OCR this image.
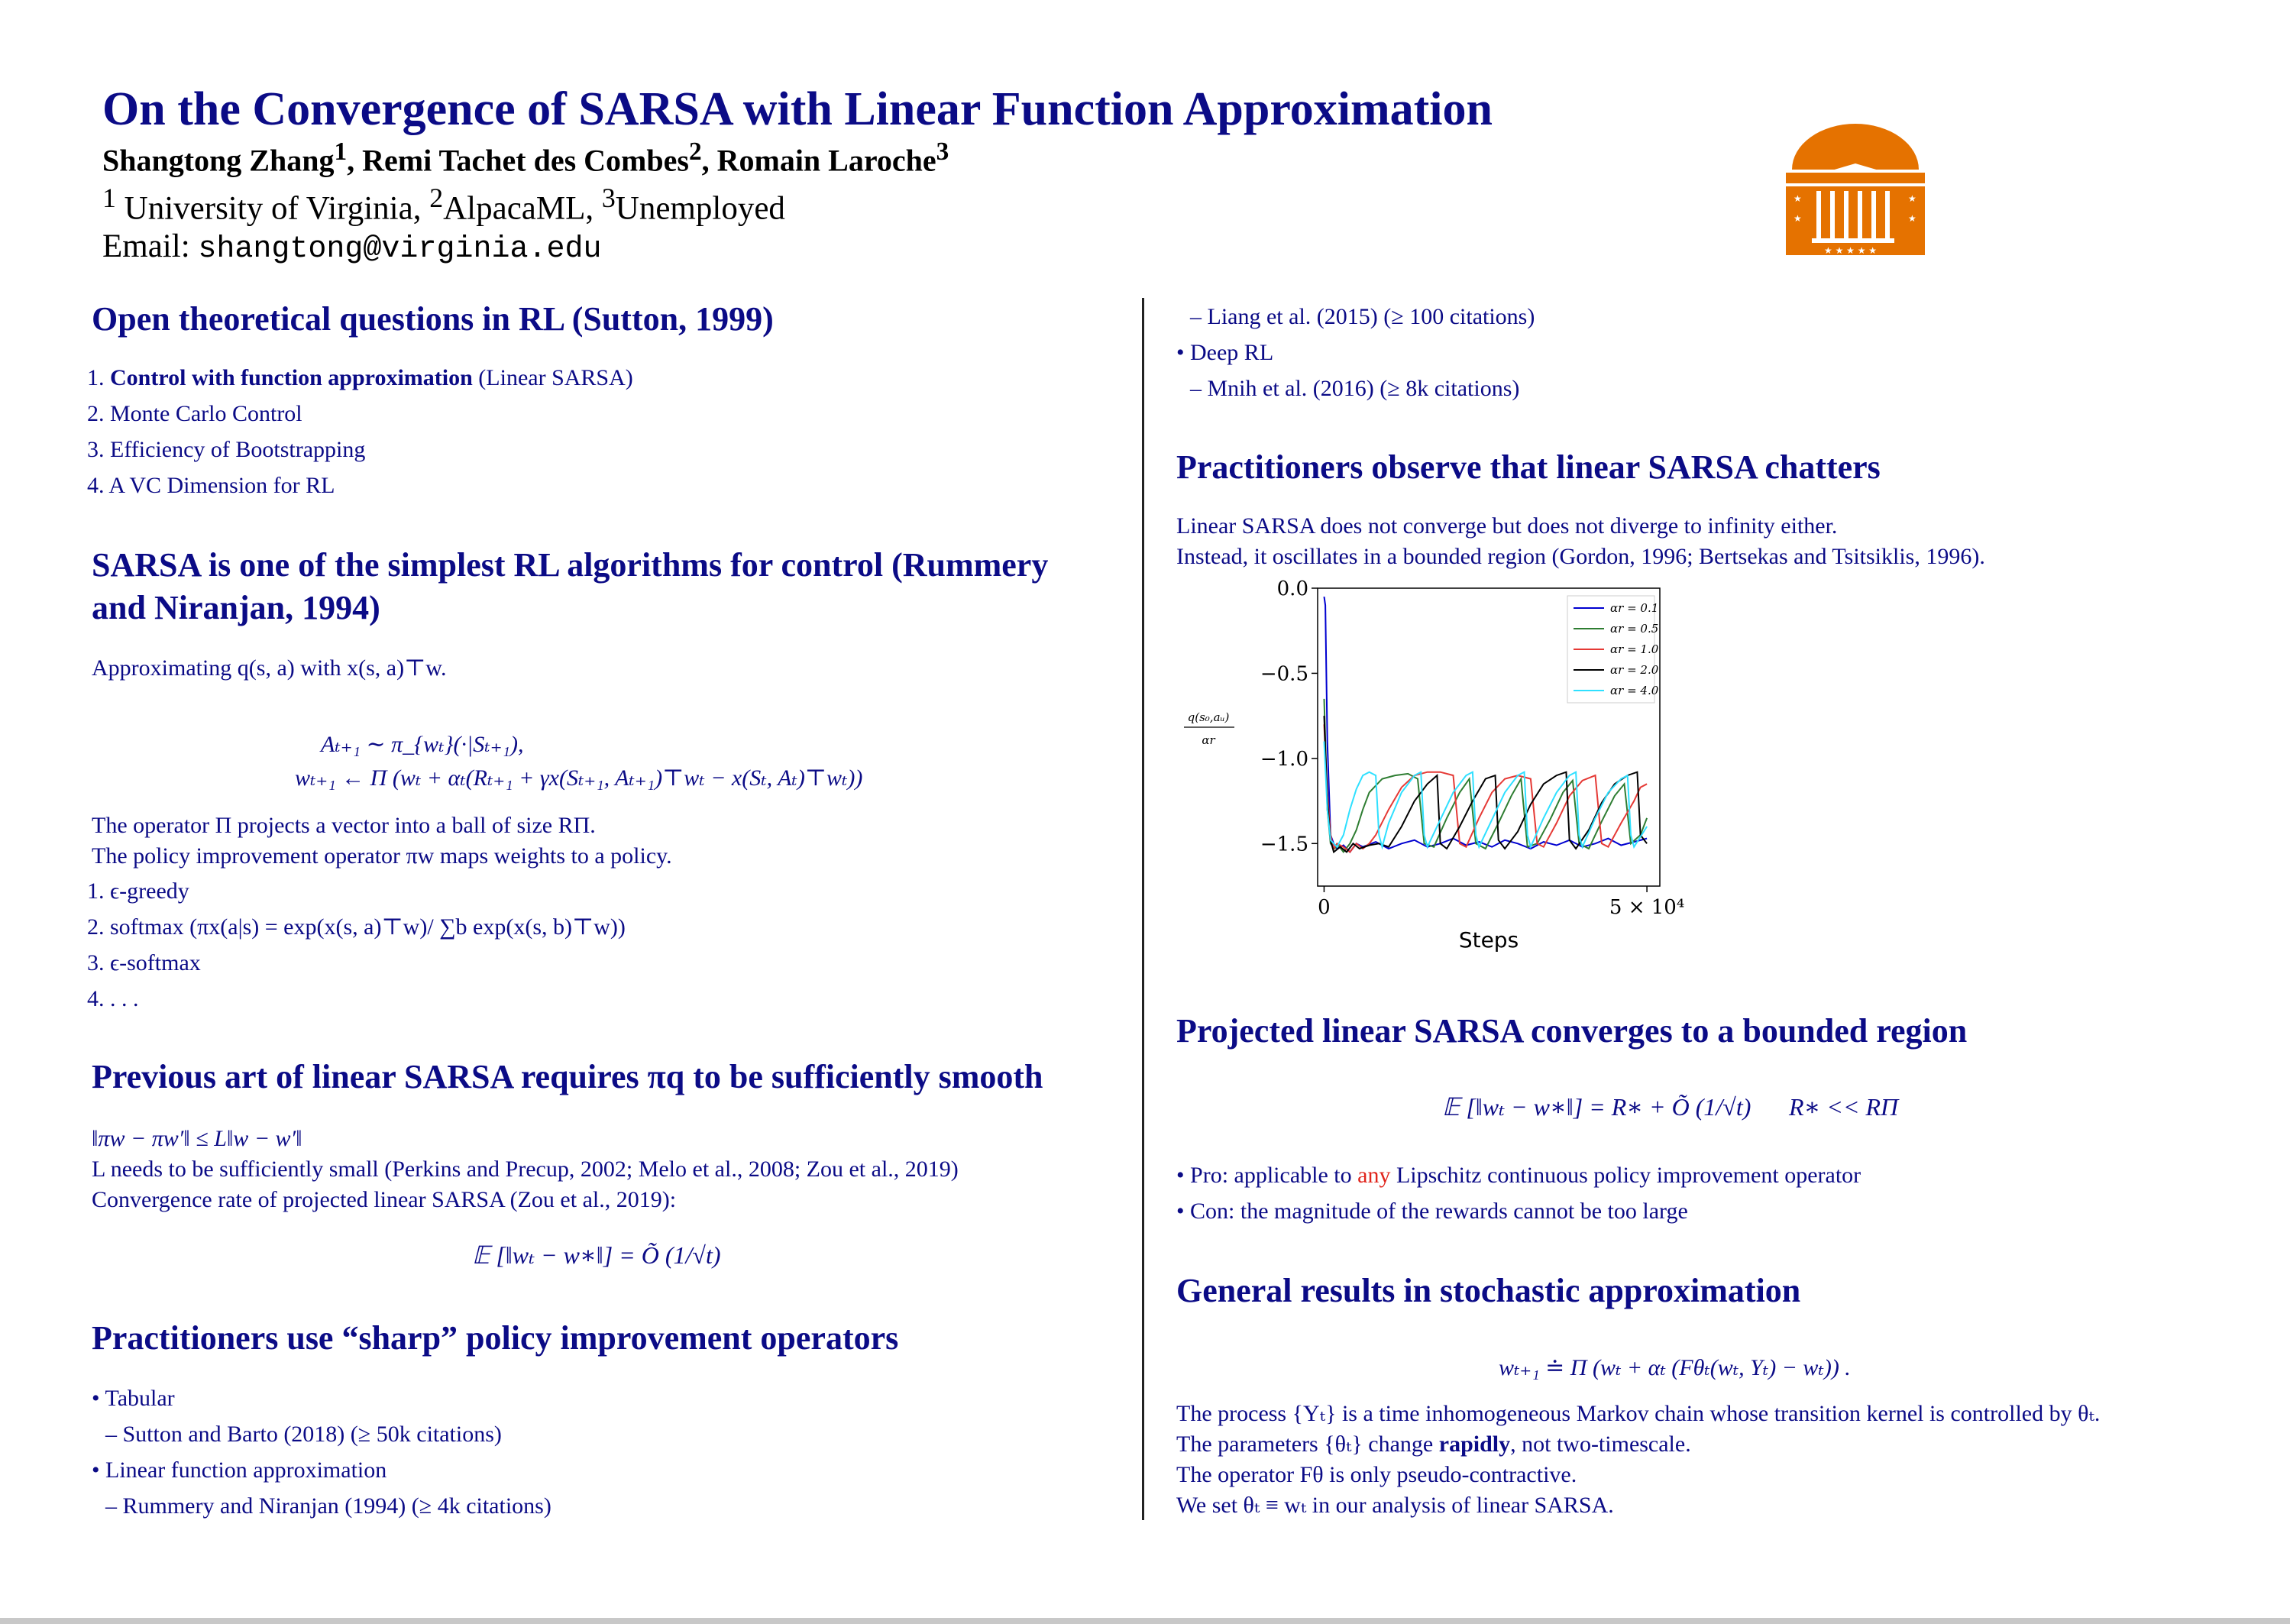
On the Convergence of SARSA with Linear Function Approximation
Shangtong Zhang$^1$, Remi Tachet des Combes$^2$, Romain Laroche$^3$
$^1$ University of Virginia, $^2$AlpacaML, $^3$Unemployed
Email: shangtong@virginia.edu
★
★
★
★
★ ★ ★ ★ ★
Open theoretical questions in RL (Sutton, 1999)
1. Control with function approximation (Linear SARSA)
2. Monte Carlo Control
3. Efficiency of Bootstrapping
4. A VC Dimension for RL
SARSA is one of the simplest RL algorithms for control (Rummery
and Niranjan, 1994)
Approximating q(s, a) with x(s, a)⊤w.
Aₜ₊₁ ∼ π_{wₜ}(·|Sₜ₊₁),
wₜ₊₁ ← Π (wₜ + αₜ(Rₜ₊₁ + γx(Sₜ₊₁, Aₜ₊₁)⊤wₜ − x(Sₜ, Aₜ)⊤wₜ))
The operator Π projects a vector into a ball of size RΠ.
The policy improvement operator πw maps weights to a policy.
1. ϵ-greedy
2. softmax (πx(a|s) = exp(x(s, a)⊤w)/ ∑b exp(x(s, b)⊤w))
3. ϵ-softmax
4. . . .
Previous art of linear SARSA requires πq to be sufficiently smooth
‖πw − πw′‖ ≤ L‖w − w′‖
L needs to be sufficiently small (Perkins and Precup, 2002; Melo et al., 2008; Zou et al., 2019)
Convergence rate of projected linear SARSA (Zou et al., 2019):
𝔼 [‖wₜ − w∗‖] = Õ (1/√t)
Practitioners use “sharp” policy improvement operators
• Tabular
– Sutton and Barto (2018) (≥ 50k citations)
• Linear function approximation
– Rummery and Niranjan (1994) (≥ 4k citations)
– Liang et al. (2015) (≥ 100 citations)
• Deep RL
– Mnih et al. (2016) (≥ 8k citations)
Practitioners observe that linear SARSA chatters
Linear SARSA does not converge but does not diverge to infinity either.
Instead, it oscillates in a bounded region (Gordon, 1996; Bertsekas and Tsitsiklis, 1996).
0.0
−0.5
−1.0
−1.5
0	5 × 10⁴
Steps
q(s₀,aᵤ)
αr
αr = 0.1
αr = 0.5
αr = 1.0
αr = 2.0
αr = 4.0
Projected linear SARSA converges to a bounded region
𝔼 [‖wₜ − w∗‖] = R∗ + Õ (1/√t) R∗ << RΠ
• Pro: applicable to any Lipschitz continuous policy improvement operator
• Con: the magnitude of the rewards cannot be too large
General results in stochastic approximation
wₜ₊₁ ≐ Π (wₜ + αₜ (Fθₜ(wₜ, Yₜ) − wₜ)) .
The process {Yₜ} is a time inhomogeneous Markov chain whose transition kernel is controlled by θₜ.
The parameters {θₜ} change rapidly, not two-timescale.
The operator Fθ is only pseudo-contractive.
We set θₜ ≡ wₜ in our analysis of linear SARSA.
